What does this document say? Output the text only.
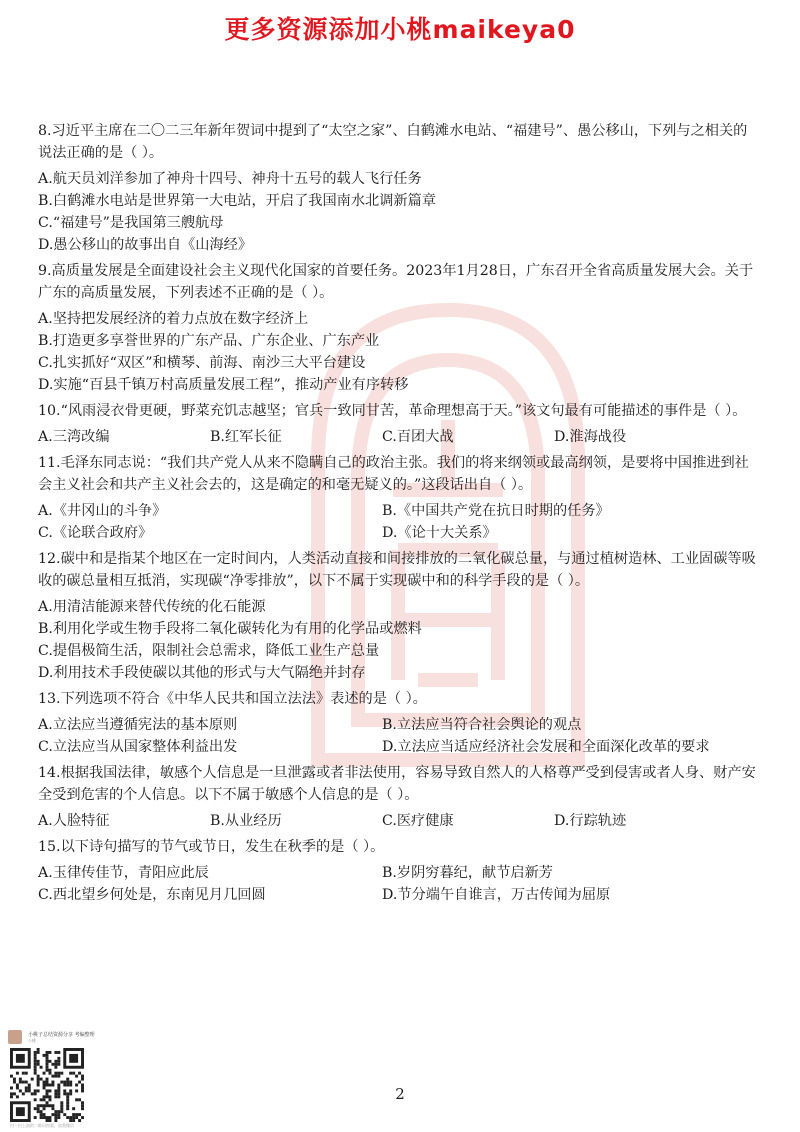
更多资源添加小桃maikeya0
8.习近平主席在二〇二三年新年贺词中提到了“太空之家”、白鹤滩水电站、“福建号”、愚公移山，下列与之相关的说法正确的是（ ）。
A.航天员刘洋参加了神舟十四号、神舟十五号的载人飞行任务
B.白鹤滩水电站是世界第一大电站，开启了我国南水北调新篇章
C.“福建号”是我国第三艘航母
D.愚公移山的故事出自《山海经》
9.高质量发展是全面建设社会主义现代化国家的首要任务。2023年1月28日，广东召开全省高质量发展大会。关于广东的高质量发展，下列表述不正确的是（ ）。
A.坚持把发展经济的着力点放在数字经济上
B.打造更多享誉世界的广东产品、广东企业、广东产业
C.扎实抓好“双区”和横琴、前海、南沙三大平台建设
D.实施“百县千镇万村高质量发展工程”，推动产业有序转移
10.“风雨浸衣骨更硬，野菜充饥志越坚；官兵一致同甘苦，革命理想高于天。”该文句最有可能描述的事件是（ ）。
A.三湾改编	B.红军长征	C.百团大战	D.淮海战役
11.毛泽东同志说：“我们共产党人从来不隐瞒自己的政治主张。我们的将来纲领或最高纲领，是要将中国推进到社会主义社会和共产主义社会去的，这是确定的和毫无疑义的。”这段话出自（ ）。
A.《井冈山的斗争》	B.《中国共产党在抗日时期的任务》
C.《论联合政府》	D.《论十大关系》
12.碳中和是指某个地区在一定时间内，人类活动直接和间接排放的二氧化碳总量，与通过植树造林、工业固碳等吸收的碳总量相互抵消，实现碳“净零排放”，以下不属于实现碳中和的科学手段的是（ ）。
A.用清洁能源来替代传统的化石能源
B.利用化学或生物手段将二氧化碳转化为有用的化学品或燃料
C.提倡极简生活，限制社会总需求，降低工业生产总量
D.利用技术手段使碳以其他的形式与大气隔绝并封存
13.下列选项不符合《中华人民共和国立法法》表述的是（ ）。
A.立法应当遵循宪法的基本原则	B.立法应当符合社会舆论的观点
C.立法应当从国家整体利益出发	D.立法应当适应经济社会发展和全面深化改革的要求
14.根据我国法律，敏感个人信息是一旦泄露或者非法使用，容易导致自然人的人格尊严受到侵害或者人身、财产安全受到危害的个人信息。以下不属于敏感个人信息的是（ ）。
A.人脸特征	B.从业经历	C.医疗健康	D.行踪轨迹
15.以下诗句描写的节气或节日，发生在秋季的是（ ）。
A.玉律传佳节，青阳应此辰	B.岁阴穷暮纪，献节启新芳
C.西北望乡何处是，东南见月几回圆	D.节分端午自谁言，万古传闻为屈原
小桃子总结资源分享 考编整理
小桃
扫一扫上面的二维码图案，加我微信
2
